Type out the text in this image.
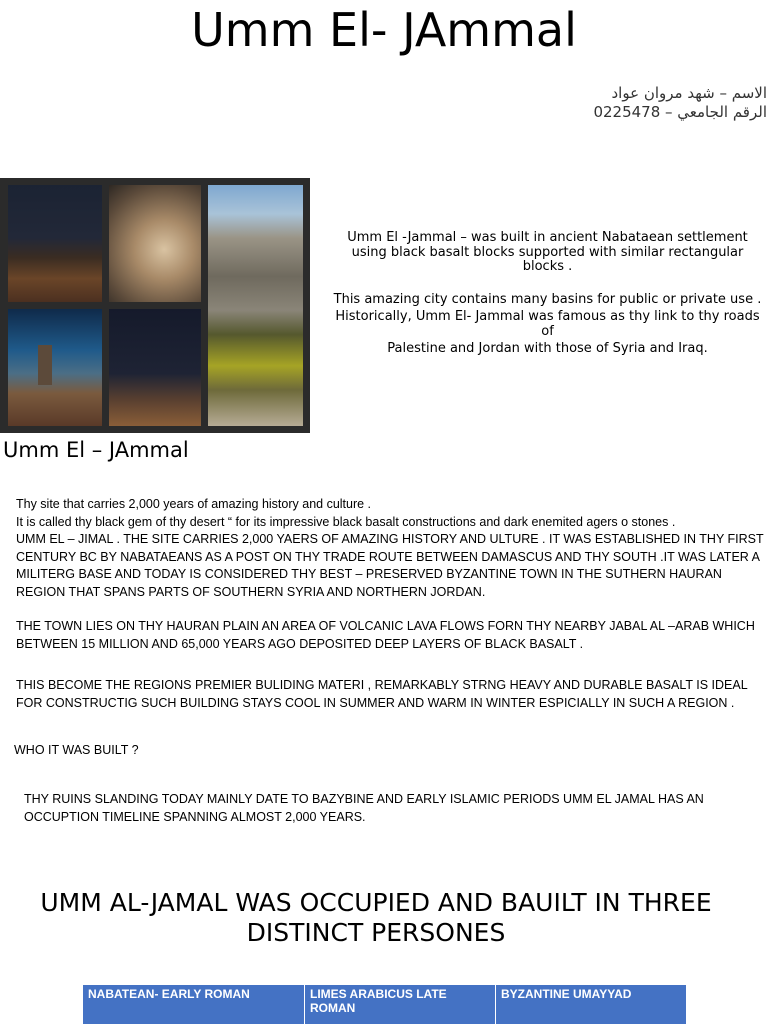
Umm El- JAmmal
الاسم – شهد مروان عواد
الرقم الجامعي – 0225478
Umm El – JAmmal

Umm El -Jammal – was built in ancient Nabataean settlement using black basalt blocks supported with similar rectangular blocks .

This amazing city contains many basins for public or private use .
Historically, Umm El- Jammal was famous as thy link to thy roads of
Palestine and Jordan with those of Syria and Iraq.

Thy site that carries 2,000 years of amazing history and culture .

It is called thy black gem of thy desert “ for its impressive black basalt constructions and dark enemited agers o stones .

UMM EL – JIMAL . THE SITE CARRIES 2,000 YAERS OF AMAZING HISTORY AND ULTURE . IT WAS ESTABLISHED IN THY FIRST CENTURY BC BY NABATAEANS AS A POST ON THY TRADE ROUTE BETWEEN DAMASCUS AND THY SOUTH .IT WAS LATER A MILITERG BASE AND TODAY IS CONSIDERED THY BEST – PRESERVED BYZANTINE TOWN IN THE SUTHERN HAURAN REGION THAT SPANS PARTS OF SOUTHERN SYRIA AND NORTHERN JORDAN.

THE TOWN LIES ON THY HAURAN PLAIN AN AREA OF VOLCANIC LAVA FLOWS FORN THY NEARBY JABAL AL –ARAB WHICH BETWEEN 15 MILLION AND 65,000 YEARS AGO DEPOSITED DEEP LAYERS OF BLACK BASALT .

THIS BECOME THE REGIONS PREMIER BULIDING MATERI , REMARKABLY STRNG HEAVY AND DURABLE BASALT IS IDEAL FOR CONSTRUCTIG SUCH BUILDING STAYS COOL IN SUMMER AND WARM IN WINTER ESPICIALLY IN SUCH A REGION .

WHO IT WAS BUILT ?

THY RUINS SLANDING TODAY MAINLY DATE TO BAZYBINE AND EARLY ISLAMIC PERIODS UMM EL JAMAL HAS AN OCCUPTION TIMELINE SPANNING ALMOST 2,000 YEARS.

UMM AL-JAMAL WAS OCCUPIED AND BAUILT IN THREE DISTINCT PERSONES
NABATEAN- EARLY ROMAN	LIMES ARABICUS LATE ROMAN
BYZANTINE UMAYYAD
